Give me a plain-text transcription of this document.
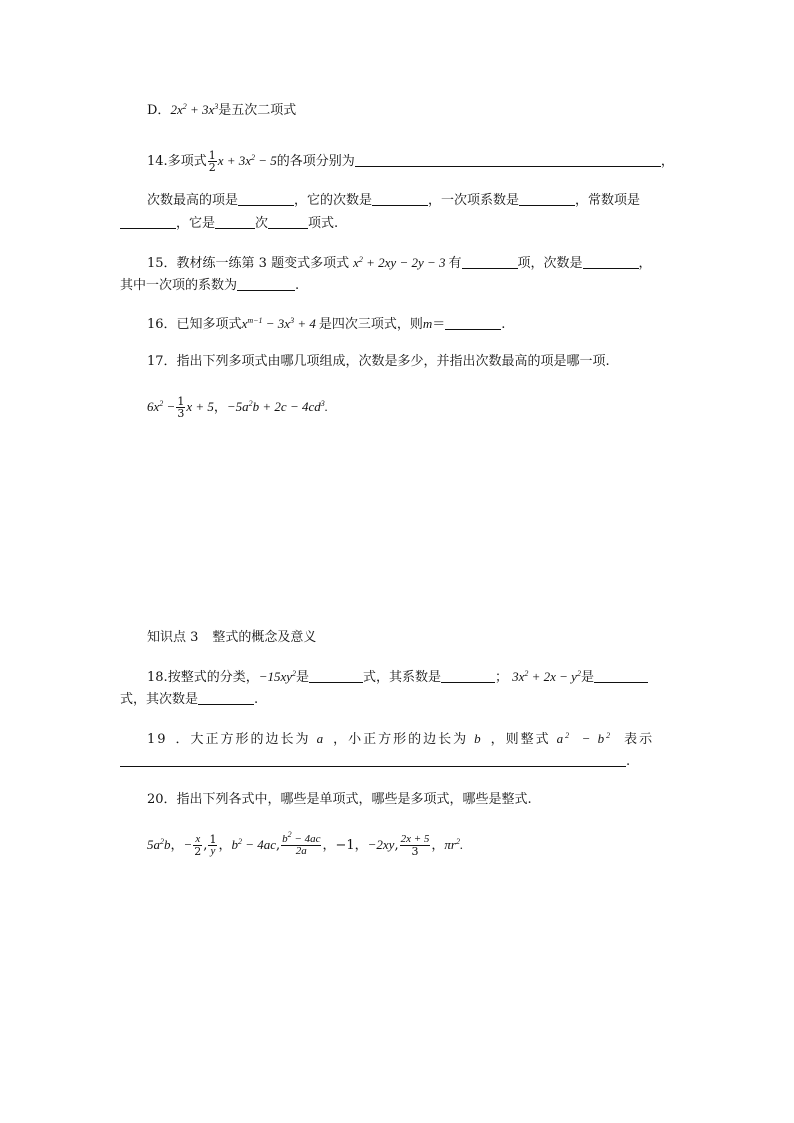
D．$2x^2 + 3x^3$是五次二项式
14.多项式 $\frac{1}{2}$ $x + 3x^2 - 5$的各项分别为	，
次数最高的项是	，它的次数是	，一次项系数是	，常数项是
，它是	次	项式.
15．教材练一练第 3 题变式多项式 $x^2 + 2xy - 2y - 3$ 有	项，次数是	，
其中一次项的系数为	.
16．已知多项式$x^{m-1} - 3x^3 + 4$ 是四次三项式，则m＝	.
17．指出下列多项式由哪几项组成，次数是多少，并指出次数最高的项是哪一项.
$6x^2 - \frac{1}{3}$ x + 5，$-5a^2b + 2c - 4cd^3$.
知识点 3 整式的概念及意义
18.按整式的分类，$-15xy^2$是	式，其系数是	； $3x^2 + 2x - y^2$是
式，其次数是	.
19 ．大正方形的边长为 a ，小正方形的边长为 b ，则整式 $a^2 - b^2$ 表示
.
20．指出下列各式中，哪些是单项式，哪些是多项式，哪些是整式.
$5a^2b$，− $\frac{x}{2}$ , $\frac{1}{y}$ ，$b^2 - 4ac$, $\frac{b^2 - 4ac}{2a}$ ，−1，−2xy, $\frac{2x + 5}{3}$ ，$\pi r^2$.
